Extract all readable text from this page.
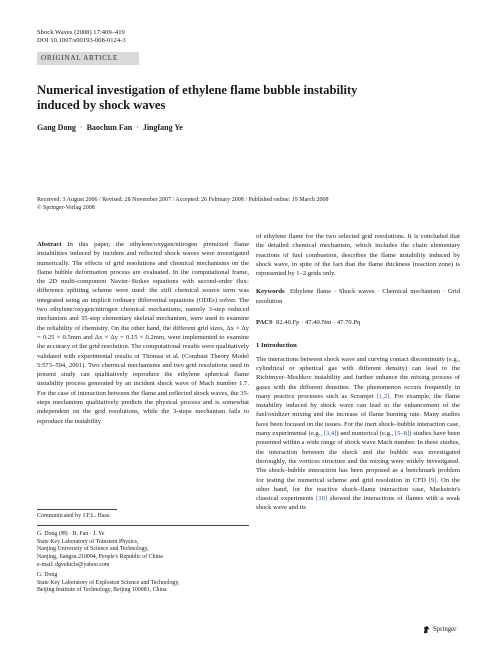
Shock Waves (2008) 17:409–419
DOI 10.1007/s00193-008-0124-3
ORIGINAL ARTICLE
Numerical investigation of ethylene flame bubble instability
induced by shock waves
Gang Dong · Baochun Fan · Jingfang Ye
Received: 3 August 2006 / Revised: 28 November 2007 / Accepted: 26 February 2008 / Published online: 19 March 2008
© Springer-Verlag 2008

Abstract In this paper, the ethylene/oxygen/nitrogen premixed flame instabilities induced by incident and reflected shock waves were investigated numerically. The effects of grid resolutions and chemical mechanisms on the flame bubble deformation process are evaluated. In the computational frame, the 2D multi-component Navier–Stokes equations with second-order flux-difference splitting scheme were used: the stiff chemical source term was integrated using an implicit ordinary differential equations (ODEs) solver. The two ethylene/oxygen/nitrogen chemical mechanisms, namely 3-step reduced mechanism and 35-step elementary skeletal mechanism, were used to examine the reliability of chemistry. On the other hand, the different grid sizes, Δx × Δy = 0.25 × 0.5mm and Δx × Δy = 0.15 × 0.2mm, were implemented to examine the accuracy of the grid resolution. The computational results were qualitatively validated with experimental results of Thomas et al. (Combust Theory Model 5:573–594, 2001). Two chemical mechanisms and two grid resolutions used in present study can qualitatively reproduce the ethylene spherical flame instability process generated by an incident shock wave of Mach number 1.7. For the case of interaction between the flame and reflected shock waves, the 35-steps mechanism qualitatively predicts the physical process and is somewhat independent on the grid resolutions, while the 3-steps mechanism fails to reproduce the instability

Communicated by J.F.L. Hass.
G. Dong (✉) · B. Fan · J. Ye
State Key Laboratory of Transient Physics,
Nanjing University of Science and Technology,
Nanjing, Jiangsu 210094, People's Republic of China
e-mail: dgvehicle@yahoo.com
G. Dong
State Key Laboratory of Explosion Science and Technology,
Beijing Institute of Technology, Beijing 100081, China

of ethylene flame for the two selected grid resolutions. It is concluded that the detailed chemical mechanism, which includes the chain elementary reactions of fuel combustion, describes the flame instability induced by shock wave, in spite of the fact that the flame thickness (reaction zone) is represented by 1–2 grids only.

Keywords Ethylene flame · Shock waves · Chemical mechanism · Grid resolution

PACS 82.40.Fp · 47.40.Nm · 47.70.Pq

1 Introduction

The interactions between shock wave and curving contact discontinuity (e.g., cylindrical or spherical gas with different density) can lead to the Richtmyer–Meshkov instability and further enhance the mixing process of gases with the different densities. The phenomenon occurs frequently in many practice processes such as Scramjet [1,2]. For example, the flame instability induced by shock wave can lead to the enhancement of the fuel/oxidizer mixing and the increase of flame burning rate. Many studies have been focused on the issues. For the inert shock–bubble interaction case, many experimental (e.g., [3,4]) and numerical (e.g., [5–8]) studies have been presented within a wide range of shock wave Mach number. In these studies, the interaction between the shock and the bubble was investigated thoroughly, the vortices structure and the mixing were widely investigated. The shock–bubble interaction has been proposed as a benchmark problem for testing the numerical scheme and grid resolution in CFD [9]. On the other hand, for the reactive shock–flame interaction case, Markstein's classical experiments [10] showed the interactions of flames with a weak shock wave and its

Springer
